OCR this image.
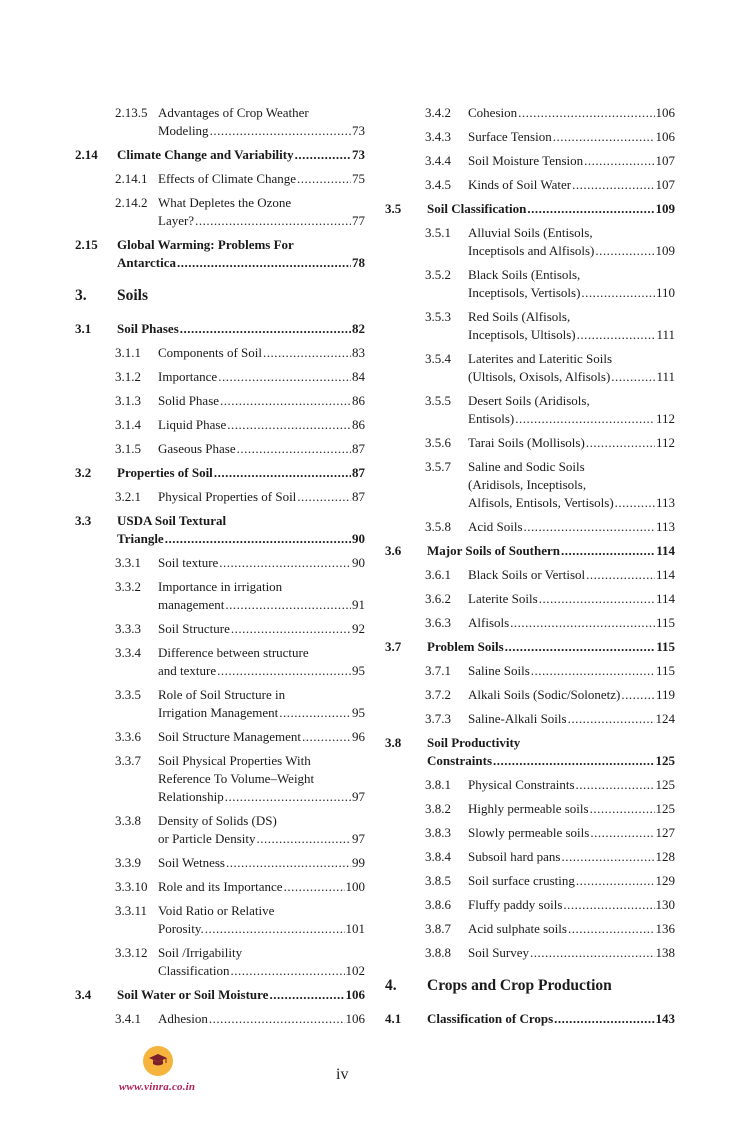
2.13.5 Advantages of Crop Weather
Modeling .....	73
2.14 Climate Change and Variability .....	73
2.14.1 Effects of Climate Change .....	75
2.14.2 What Depletes the Ozone
Layer? .....	77
2.15 Global Warming: Problems For
Antarctica .....	78
3. Soils
3.1 Soil Phases .....	82
3.1.1 Components of Soil .....	83
3.1.2 Importance .....	84
3.1.3 Solid Phase .....	86
3.1.4 Liquid Phase .....	86
3.1.5 Gaseous Phase .....	87
3.2 Properties of Soil .....	87
3.2.1 Physical Properties of Soil .....	87
3.3 USDA Soil Textural
Triangle .....	90
3.3.1 Soil texture .....	90
3.3.2 Importance in irrigation
management .....	91
3.3.3 Soil Structure .....	92
3.3.4 Difference between structure
and texture .....	95
3.3.5 Role of Soil Structure in
Irrigation Management .....	95
3.3.6 Soil Structure Management .....	96
3.3.7 Soil Physical Properties With
Reference To Volume–Weight
Relationship .....	97
3.3.8 Density of Solids (DS)
or Particle Density .....	97
3.3.9 Soil Wetness .....	99
3.3.10 Role and its Importance .....	100
3.3.11 Void Ratio or Relative
Porosity. .....	101
3.3.12 Soil /Irrigability
Classification .....	102
3.4 Soil Water or Soil Moisture .....	106
3.4.1 Adhesion .....	106
3.4.2 Cohesion .....	106
3.4.3 Surface Tension .....	106
3.4.4 Soil Moisture Tension .....	107
3.4.5 Kinds of Soil Water .....	107
3.5 Soil Classification .....	109
3.5.1 Alluvial Soils (Entisols,
Inceptisols and Alfisols) .....	109
3.5.2 Black Soils (Entisols,
Inceptisols, Vertisols) .....	110
3.5.3 Red Soils (Alfisols,
Inceptisols, Ultisols) .....	111
3.5.4 Laterites and Lateritic Soils
(Ultisols, Oxisols, Alfisols) .....	111
3.5.5 Desert Soils (Aridisols,
Entisols) .....	112
3.5.6 Tarai Soils (Mollisols) .....	112
3.5.7 Saline and Sodic Soils
(Aridisols, Inceptisols,
Alfisols, Entisols, Vertisols) .....	113
3.5.8 Acid Soils .....	113
3.6 Major Soils of Southern .....	114
3.6.1 Black Soils or Vertisol .....	114
3.6.2 Laterite Soils .....	114
3.6.3 Alfisols .....	115
3.7 Problem Soils .....	115
3.7.1 Saline Soils .....	115
3.7.2 Alkali Soils (Sodic/Solonetz) .....	119
3.7.3 Saline-Alkali Soils .....	124
3.8 Soil Productivity
Constraints .....	125
3.8.1 Physical Constraints .....	125
3.8.2 Highly permeable soils .....	125
3.8.3 Slowly permeable soils .....	127
3.8.4 Subsoil hard pans .....	128
3.8.5 Soil surface crusting .....	129
3.8.6 Fluffy paddy soils .....	130
3.8.7 Acid sulphate soils .....	136
3.8.8 Soil Survey .....	138
4. Crops and Crop Production
4.1 Classification of Crops .....	143
www.vinra.co.in
iv
